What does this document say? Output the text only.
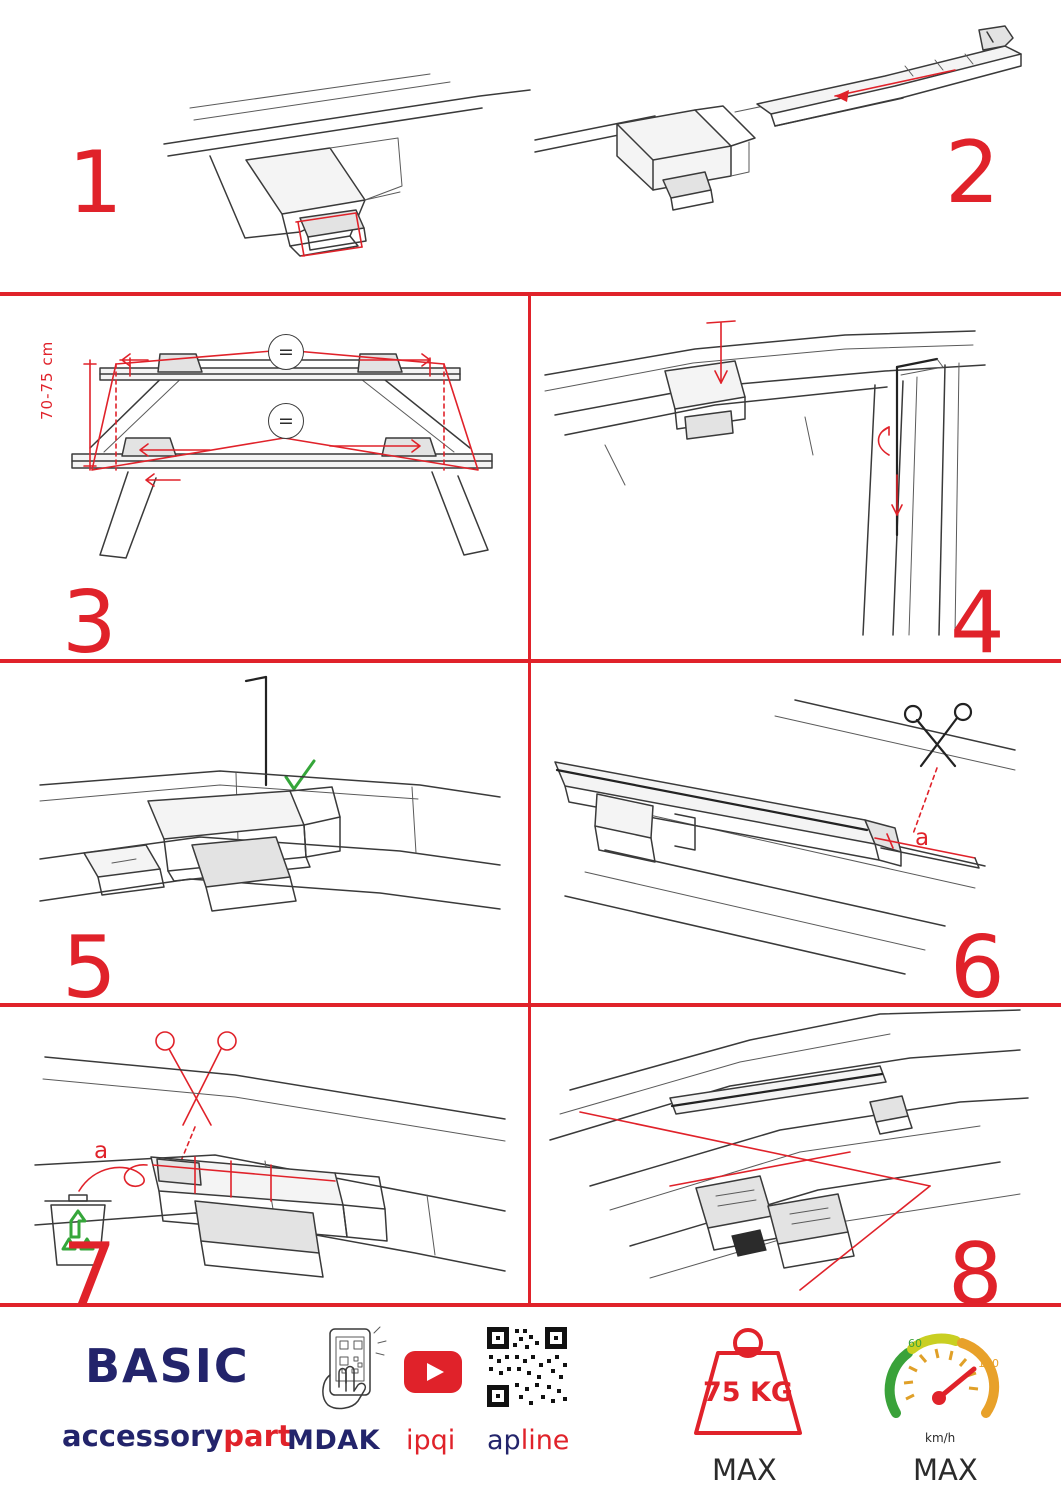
1	2
70-75 cm	=
=
3	4
5
a
6
a
7	8
BASIC
accessorypart
MDAK ipqi apline
75 KG
MAX
60
120
km/h
MAX
